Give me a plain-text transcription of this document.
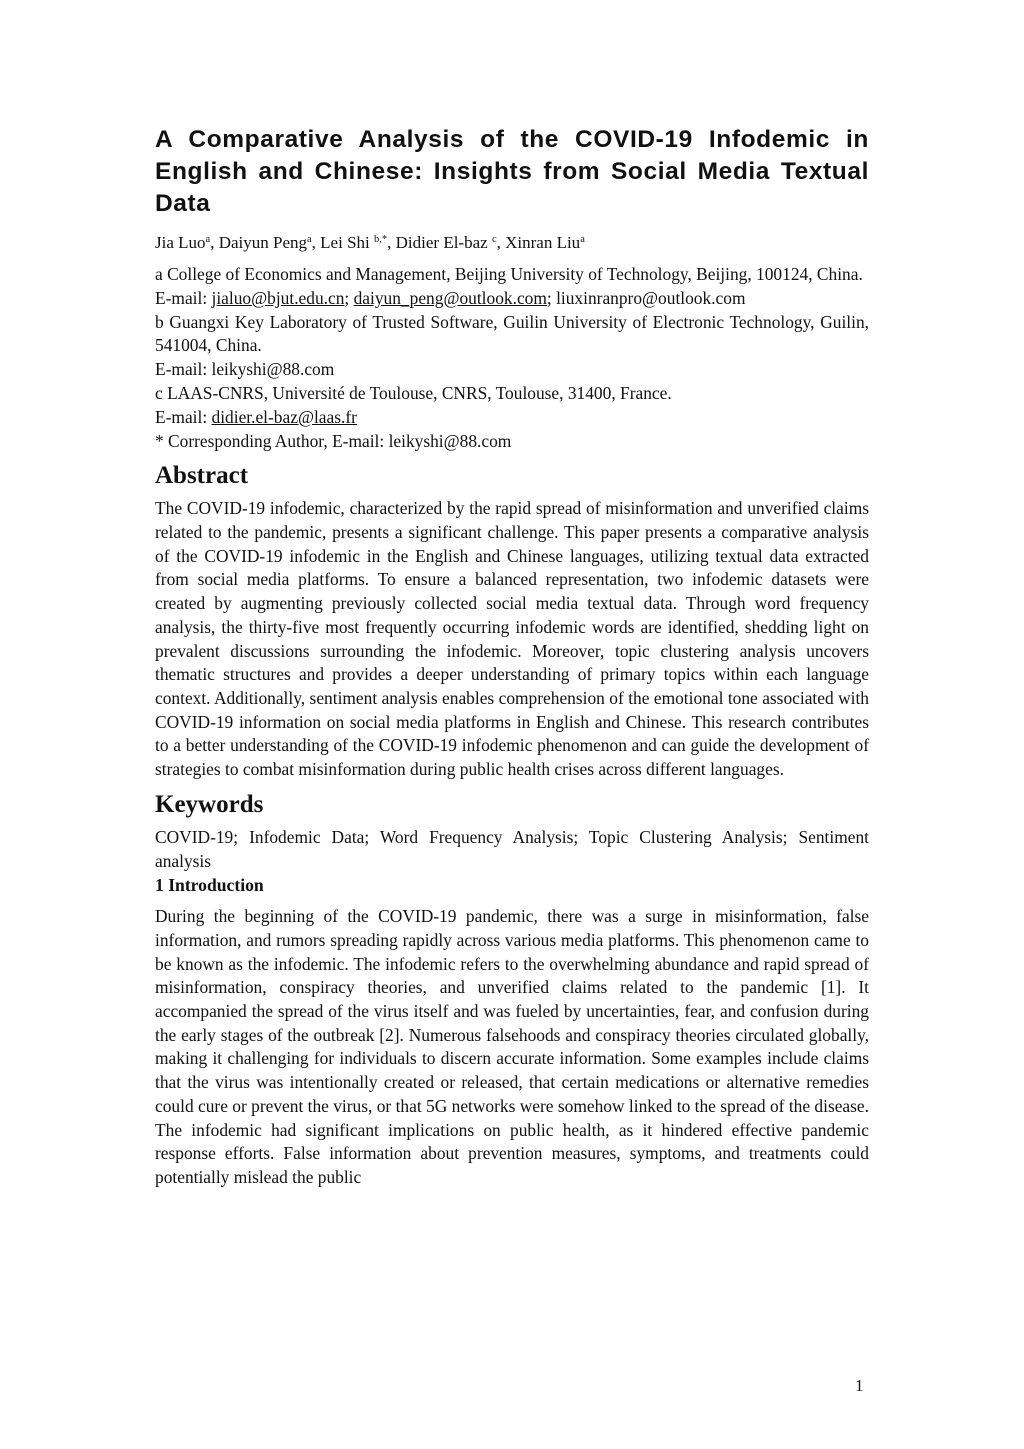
A Comparative Analysis of the COVID-19 Infodemic in English and Chinese: Insights from Social Media Textual Data
Jia Luo$^a$, Daiyun Peng$^a$, Lei Shi $^{b,*}$, Didier El-baz $^c$, Xinran Liu$^a$

a College of Economics and Management, Beijing University of Technology, Beijing, 100124, China.

E-mail: jialuo@bjut.edu.cn; daiyun_peng@outlook.com; liuxinranpro@outlook.com

b Guangxi Key Laboratory of Trusted Software, Guilin University of Electronic Technology, Guilin, 541004, China.

E-mail: leikyshi@88.com

c LAAS-CNRS, Université de Toulouse, CNRS, Toulouse, 31400, France.

E-mail: didier.el-baz@laas.fr

* Corresponding Author, E-mail: leikyshi@88.com

Abstract

The COVID-19 infodemic, characterized by the rapid spread of misinformation and unverified claims related to the pandemic, presents a significant challenge. This paper presents a comparative analysis of the COVID-19 infodemic in the English and Chinese languages, utilizing textual data extracted from social media platforms. To ensure a balanced representation, two infodemic datasets were created by augmenting previously collected social media textual data. Through word frequency analysis, the thirty-five most frequently occurring infodemic words are identified, shedding light on prevalent discussions surrounding the infodemic. Moreover, topic clustering analysis uncovers thematic structures and provides a deeper understanding of primary topics within each language context. Additionally, sentiment analysis enables comprehension of the emotional tone associated with COVID-19 information on social media platforms in English and Chinese. This research contributes to a better understanding of the COVID-19 infodemic phenomenon and can guide the development of strategies to combat misinformation during public health crises across different languages.

Keywords

COVID-19; Infodemic Data; Word Frequency Analysis; Topic Clustering Analysis; Sentiment analysis

1 Introduction

During the beginning of the COVID-19 pandemic, there was a surge in misinformation, false information, and rumors spreading rapidly across various media platforms. This phenomenon came to be known as the infodemic. The infodemic refers to the overwhelming abundance and rapid spread of misinformation, conspiracy theories, and unverified claims related to the pandemic [1]. It accompanied the spread of the virus itself and was fueled by uncertainties, fear, and confusion during the early stages of the outbreak [2]. Numerous falsehoods and conspiracy theories circulated globally, making it challenging for individuals to discern accurate information. Some examples include claims that the virus was intentionally created or released, that certain medications or alternative remedies could cure or prevent the virus, or that 5G networks were somehow linked to the spread of the disease. The infodemic had significant implications on public health, as it hindered effective pandemic response efforts. False information about prevention measures, symptoms, and treatments could potentially mislead the public

1
